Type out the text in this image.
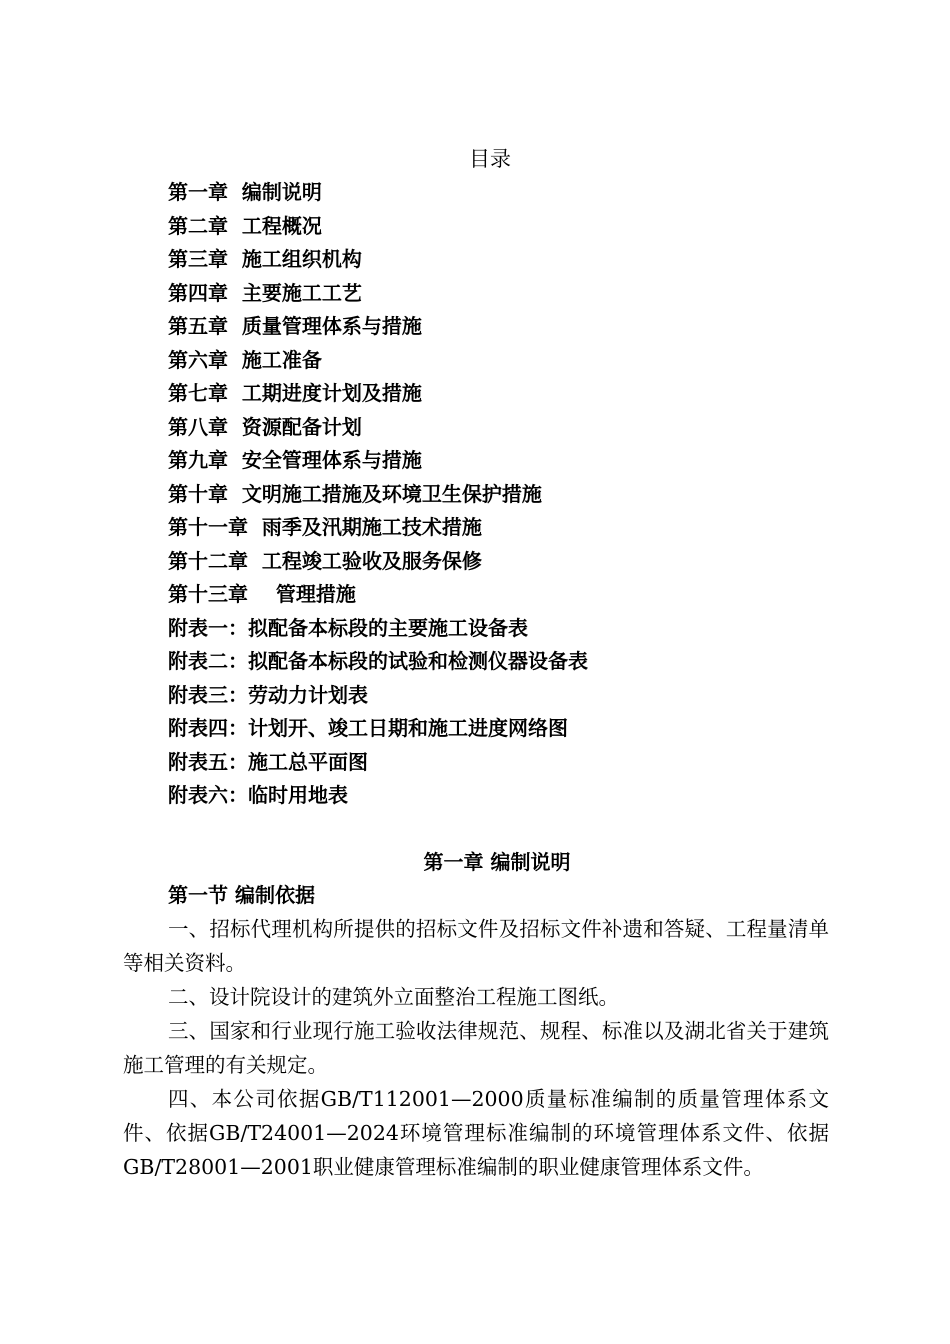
目录
第一章  编制说明
第二章  工程概况
第三章  施工组织机构
第四章  主要施工工艺
第五章  质量管理体系与措施
第六章  施工准备
第七章  工期进度计划及措施
第八章  资源配备计划
第九章  安全管理体系与措施
第十章  文明施工措施及环境卫生保护措施
第十一章  雨季及汛期施工技术措施
第十二章  工程竣工验收及服务保修
第十三章    管理措施
附表一：拟配备本标段的主要施工设备表
附表二：拟配备本标段的试验和检测仪器设备表
附表三：劳动力计划表
附表四：计划开、竣工日期和施工进度网络图
附表五：施工总平面图
附表六：临时用地表
第一章 编制说明
第一节 编制依据

一、招标代理机构所提供的招标文件及招标文件补遗和答疑、工程量清单等相关资料。

二、设计院设计的建筑外立面整治工程施工图纸。

三、国家和行业现行施工验收法律规范、规程、标准以及湖北省关于建筑施工管理的有关规定。

四、本公司依据GB/T112001—2000质量标准编制的质量管理体系文件、依据GB/T24001—2024环境管理标准编制的环境管理体系文件、依据GB/T28001—2001职业健康管理标准编制的职业健康管理体系文件。
